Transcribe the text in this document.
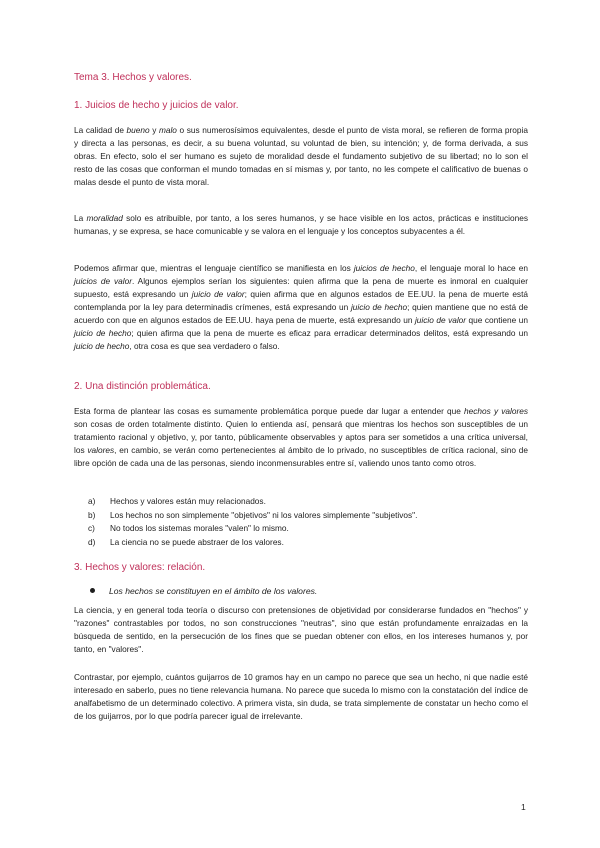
Tema 3. Hechos y valores.
1. Juicios de hecho y juicios de valor.
La calidad de bueno y malo o sus numerosísimos equivalentes, desde el punto de vista moral, se refieren de forma propia y directa a las personas, es decir, a su buena voluntad, su voluntad de bien, su intención; y, de forma derivada, a sus obras. En efecto, solo el ser humano es sujeto de moralidad desde el fundamento subjetivo de su libertad; no lo son el resto de las cosas que conforman el mundo tomadas en sí mismas y, por tanto, no les compete el calificativo de buenas o malas desde el punto de vista moral.
La moralidad solo es atribuible, por tanto, a los seres humanos, y se hace visible en los actos, prácticas e instituciones humanas, y se expresa, se hace comunicable y se valora en el lenguaje y los conceptos subyacentes a él.
Podemos afirmar que, mientras el lenguaje científico se manifiesta en los juicios de hecho, el lenguaje moral lo hace en juicios de valor. Algunos ejemplos serían los siguientes: quien afirma que la pena de muerte es inmoral en cualquier supuesto, está expresando un juicio de valor; quien afirma que en algunos estados de EE.UU. la pena de muerte está contemplanda por la ley para determinadis crímenes, está expresando un juicio de hecho; quien mantiene que no está de acuerdo con que en algunos estados de EE.UU. haya pena de muerte, está expresando un juicio de valor que contiene un juicio de hecho; quien afirma que la pena de muerte es eficaz para erradicar determinados delitos, está expresando un juicio de hecho, otra cosa es que sea verdadero o falso.
2. Una distinción problemática.
Esta forma de plantear las cosas es sumamente problemática porque puede dar lugar a entender que hechos y valores son cosas de orden totalmente distinto. Quien lo entienda así, pensará que mientras los hechos son susceptibles de un tratamiento racional y objetivo, y, por tanto, públicamente observables y aptos para ser sometidos a una crítica universal, los valores, en cambio, se verán como pertenecientes al ámbito de lo privado, no susceptibles de crítica racional, sino de libre opción de cada una de las personas, siendo inconmensurables entre sí, valiendo unos tanto como otros.
a)	Hechos y valores están muy relacionados.
b)	Los hechos no son simplemente "objetivos" ni los valores simplemente "subjetivos".
c)	No todos los sistemas morales "valen" lo mismo.
d)	La ciencia no se puede abstraer de los valores.
3. Hechos y valores: relación.
Los hechos se constituyen en el ámbito de los valores.
La ciencia, y en general toda teoría o discurso con pretensiones de objetividad por considerarse fundados en "hechos" y "razones" contrastables por todos, no son construcciones "neutras", sino que están profundamente enraizadas en la búsqueda de sentido, en la persecución de los fines que se puedan obtener con ellos, en los intereses humanos y, por tanto, en "valores".
Contrastar, por ejemplo, cuántos guijarros de 10 gramos hay en un campo no parece que sea un hecho, ni que nadie esté interesado en saberlo, pues no tiene relevancia humana. No parece que suceda lo mismo con la constatación del índice de analfabetismo de un determinado colectivo. A primera vista, sin duda, se trata simplemente de constatar un hecho como el de los guijarros, por lo que podría parecer igual de irrelevante.
1
